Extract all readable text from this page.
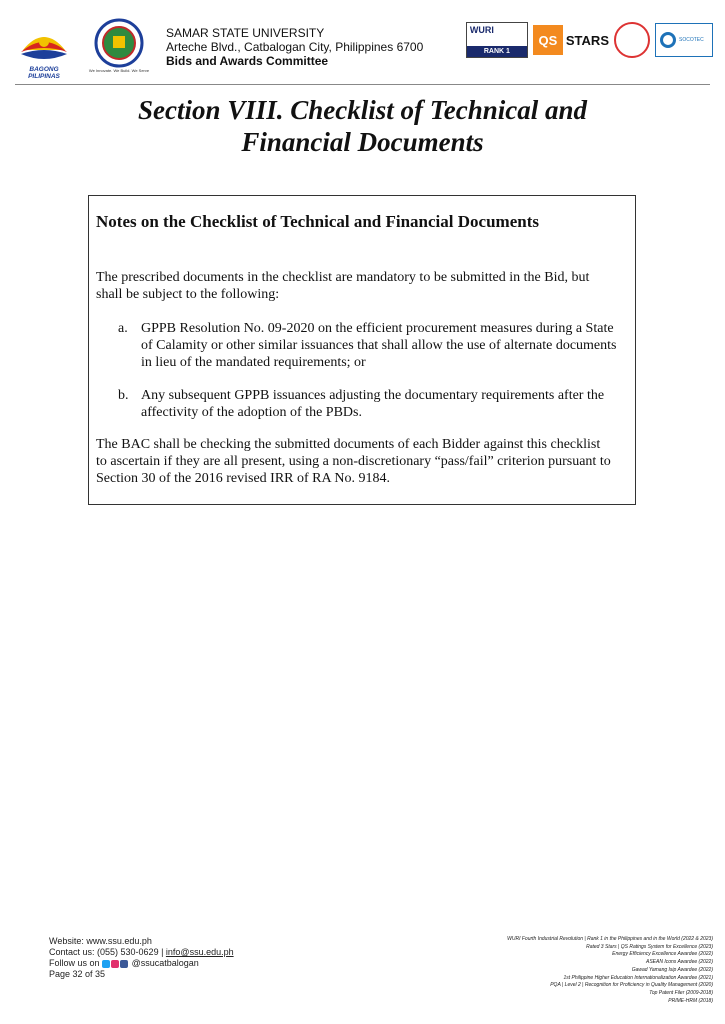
BAGONG PILIPINAS
We Innovate. We Build. We Serve
SAMAR STATE UNIVERSITY
Arteche Blvd., Catbalogan City, Philippines 6700
Bids and Awards Committee
WURI
RANK 1
QS STARS	SOCOTEC
Section VIII. Checklist of Technical and
Financial Documents
Notes on the Checklist of Technical and Financial Documents
The prescribed documents in the checklist are mandatory to be submitted in the Bid, but
shall be subject to the following:
a. GPPB Resolution No. 09-2020 on the efficient procurement measures during a State
of Calamity or other similar issuances that shall allow the use of alternate documents
in lieu of the mandated requirements; or
b. Any subsequent GPPB issuances adjusting the documentary requirements after the
affectivity of the adoption of the PBDs.
The BAC shall be checking the submitted documents of each Bidder against this checklist
to ascertain if they are all present, using a non-discretionary “pass/fail” criterion pursuant to
Section 30 of the 2016 revised IRR of RA No. 9184.
Website: www.ssu.edu.ph
Contact us: (055) 530-0629 | info@ssu.edu.ph
Follow us on	@ssucatbalogan
Page 32 of 35
WURI Fourth Industrial Revolution | Rank 1 in the Philippines and in the World (2022 & 2023)
Rated 3 Stars | QS Ratings System for Excellence (2023)
Energy Efficiency Excellence Awardee (2022)
ASEAN Icons Awardee (2022)
Gawad Yamang Isip Awardee (2022)
1st Philippine Higher Education Internationalization Awardee (2021)
PQA | Level 2 | Recognition for Proficiency in Quality Management (2020)
Top Patent Filer (2009-2018)
PRIME-HRM (2018)
